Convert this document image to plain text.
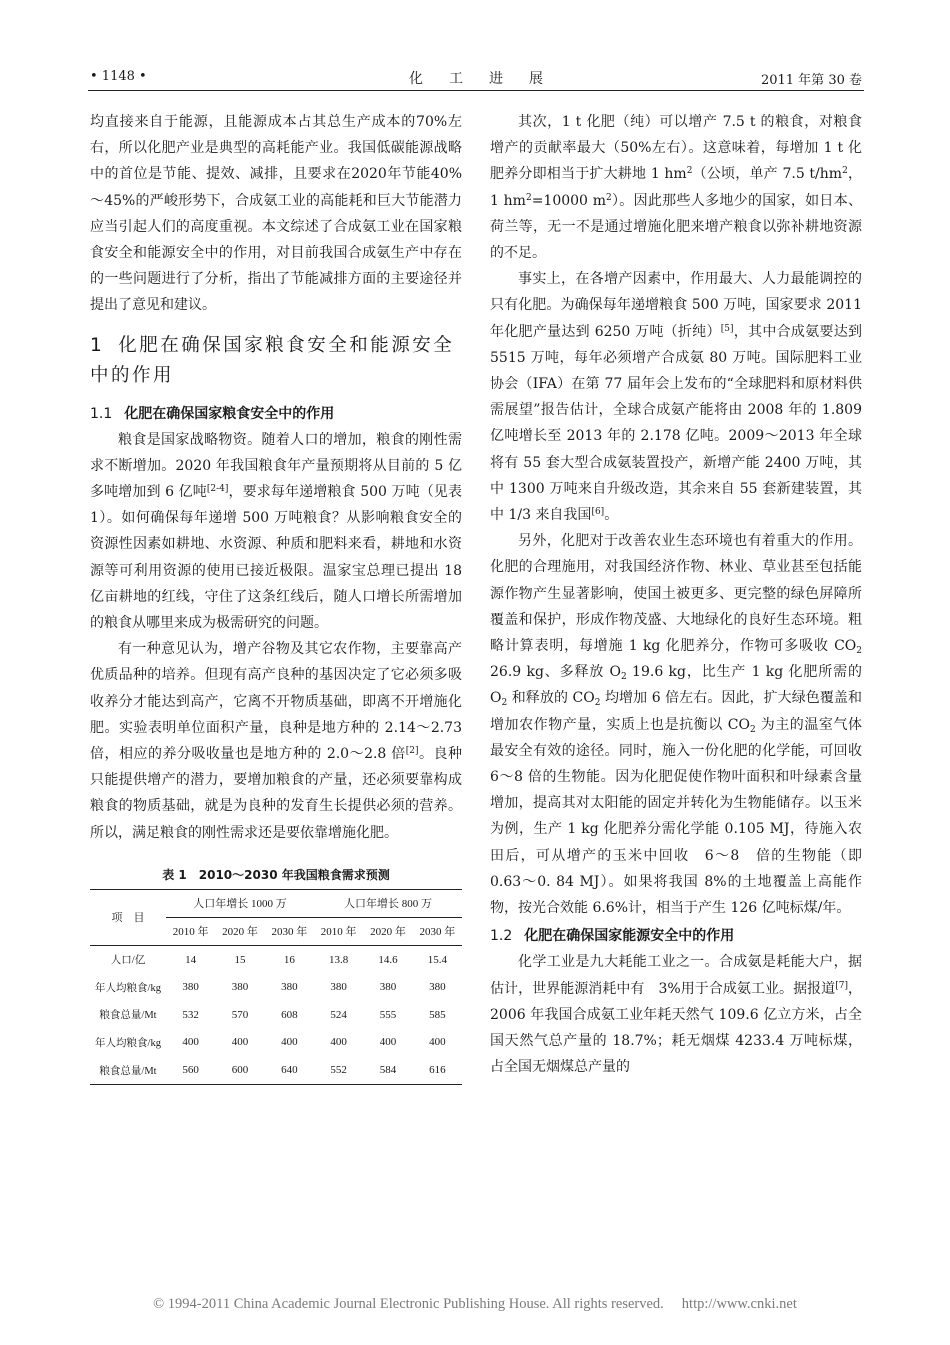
• 1148 •	化工进展	2011 年第 30 卷

均直接来自于能源，且能源成本占其总生产成本的70%左右，所以化肥产业是典型的高耗能产业。我国低碳能源战略中的首位是节能、提效、减排，且要求在2020年节能40%～45%的严峻形势下，合成氨工业的高能耗和巨大节能潜力应当引起人们的高度重视。本文综述了合成氨工业在国家粮食安全和能源安全中的作用，对目前我国合成氨生产中存在的一些问题进行了分析，指出了节能减排方面的主要途径并提出了意见和建议。

1 化肥在确保国家粮食安全和能源安全中的作用
1.1 化肥在确保国家粮食安全中的作用

粮食是国家战略物资。随着人口的增加，粮食的刚性需求不断增加。2020 年我国粮食年产量预期将从目前的 5 亿多吨增加到 6 亿吨[2-4]，要求每年递增粮食 500 万吨（见表 1）。如何确保每年递增 500 万吨粮食？从影响粮食安全的资源性因素如耕地、水资源、种质和肥料来看，耕地和水资源等可利用资源的使用已接近极限。温家宝总理已提出 18 亿亩耕地的红线，守住了这条红线后，随人口增长所需增加的粮食从哪里来成为极需研究的问题。

有一种意见认为，增产谷物及其它农作物，主要靠高产优质品种的培养。但现有高产良种的基因决定了它必须多吸收养分才能达到高产，它离不开物质基础，即离不开增施化肥。实验表明单位面积产量，良种是地方种的 2.14～2.73 倍，相应的养分吸收量也是地方种的 2.0～2.8 倍[2]。良种只能提供增产的潜力，要增加粮食的产量，还必须要靠构成粮食的物质基础，就是为良种的发育生长提供必须的营养。所以，满足粮食的刚性需求还是要依靠增施化肥。

表 1　2010～2030 年我国粮食需求预测
项　目	人口年增长 1000 万			人口年增长 800 万		
	2010 年	2020 年	2030 年	2010 年	2020 年	2030 年
人口/亿	14	15	16	13.8	14.6	15.4
年人均粮食/kg	380	380	380	380	380	380
粮食总量/Mt	532	570	608	524	555	585
年人均粮食/kg	400	400	400	400	400	400
粮食总量/Mt	560	600	640	552	584	616

其次，1 t 化肥（纯）可以增产 7.5 t 的粮食，对粮食增产的贡献率最大（50%左右）。这意味着，每增加 1 t 化肥养分即相当于扩大耕地 1 $hm^2$（公顷，单产 7.5 $t/hm^2$，1 $hm^2=10000$ $m^2$）。因此那些人多地少的国家，如日本、荷兰等，无一不是通过增施化肥来增产粮食以弥补耕地资源的不足。

事实上，在各增产因素中，作用最大、人力最能调控的只有化肥。为确保每年递增粮食 500 万吨，国家要求 2011 年化肥产量达到 6250 万吨（折纯）[5]，其中合成氨要达到 5515 万吨，每年必须增产合成氨 80 万吨。国际肥料工业协会（IFA）在第 77 届年会上发布的“全球肥料和原材料供需展望”报告估计，全球合成氨产能将由 2008 年的 1.809 亿吨增长至 2013 年的 2.178 亿吨。2009～2013 年全球将有 55 套大型合成氨装置投产，新增产能 2400 万吨，其中 1300 万吨来自升级改造，其余来自 55 套新建装置，其中 1/3 来自我国[6]。

另外，化肥对于改善农业生态环境也有着重大的作用。化肥的合理施用，对我国经济作物、林业、草业甚至包括能源作物产生显著影响，使国土被更多、更完整的绿色屏障所覆盖和保护，形成作物茂盛、大地绿化的良好生态环境。粗略计算表明，每增施 1 kg 化肥养分，作物可多吸收 $CO_2$ 26.9 kg、多释放 $O_2$ 19.6 kg，比生产 1 kg 化肥所需的 $O_2$ 和释放的 $CO_2$ 均增加 6 倍左右。因此，扩大绿色覆盖和增加农作物产量，实质上也是抗衡以 $CO_2$ 为主的温室气体最安全有效的途径。同时，施入一份化肥的化学能，可回收 6～8 倍的生物能。因为化肥促使作物叶面积和叶绿素含量增加，提高其对太阳能的固定并转化为生物能储存。以玉米为例，生产 1 kg 化肥养分需化学能 0.105 MJ，待施入农田后，可从增产的玉米中回收　6～8　倍的生物能（即 0.63～0. 84 MJ）。如果将我国 8%的土地覆盖上高能作物，按光合效能 6.6%计，相当于产生 126 亿吨标煤/年。

1.2 化肥在确保国家能源安全中的作用

化学工业是九大耗能工业之一。合成氨是耗能大户，据估计，世界能源消耗中有　3%用于合成氨工业。据报道[7]，2006 年我国合成氨工业年耗天然气 109.6 亿立方米，占全国天然气总产量的 18.7%；耗无烟煤 4233.4 万吨标煤，占全国无烟煤总产量的

© 1994-2011 China Academic Journal Electronic Publishing House. All rights reserved. http://www.cnki.net
